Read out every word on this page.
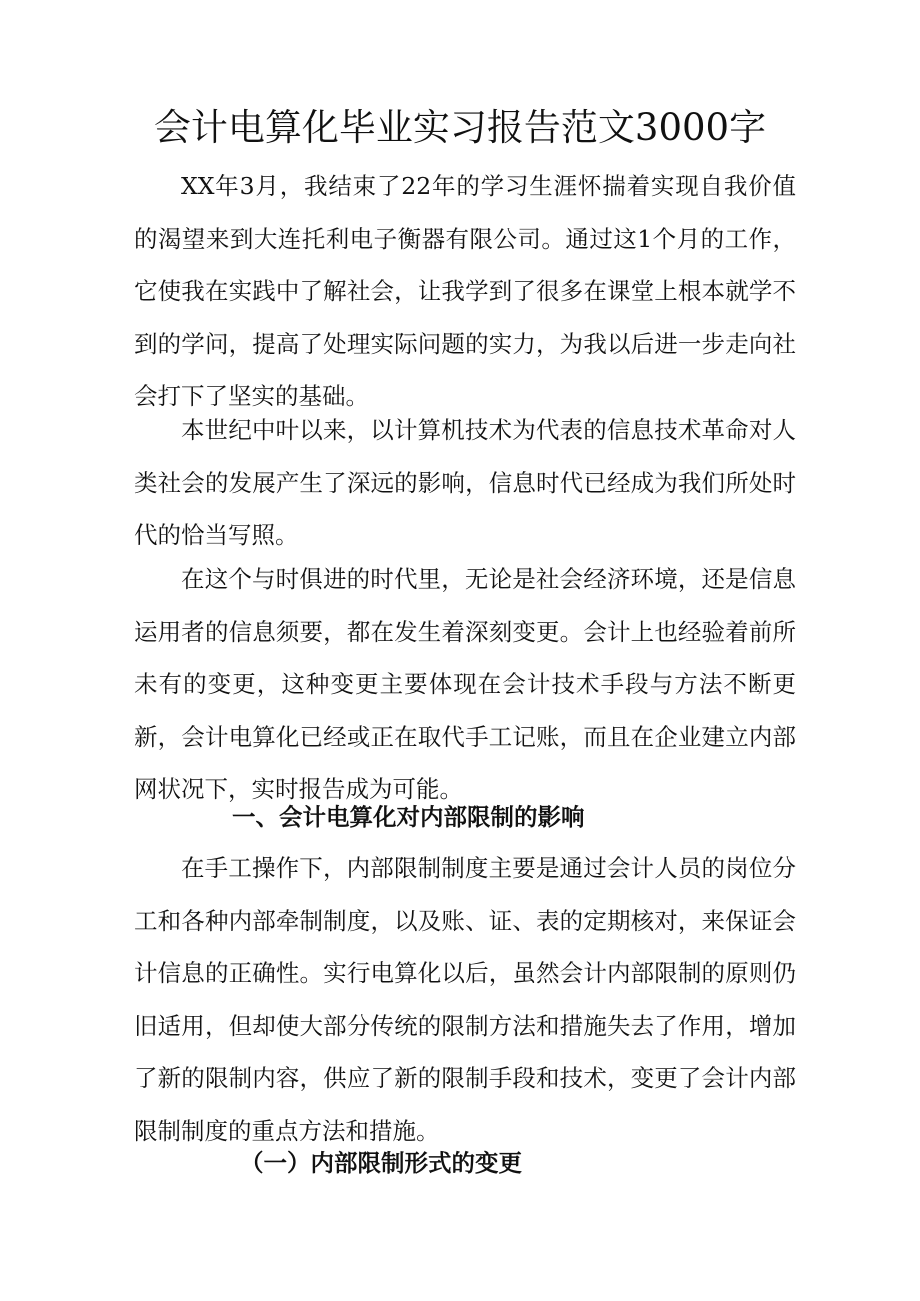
会计电算化毕业实习报告范文3000字

XX年3月，我结束了22年的学习生涯怀揣着实现自我价值的渴望来到大连托利电子衡器有限公司。通过这1个月的工作，它使我在实践中了解社会，让我学到了很多在课堂上根本就学不到的学问，提高了处理实际问题的实力，为我以后进一步走向社会打下了坚实的基础。

本世纪中叶以来，以计算机技术为代表的信息技术革命对人类社会的发展产生了深远的影响，信息时代已经成为我们所处时代的恰当写照。

在这个与时俱进的时代里，无论是社会经济环境，还是信息运用者的信息须要，都在发生着深刻变更。会计上也经验着前所未有的变更，这种变更主要体现在会计技术手段与方法不断更新，会计电算化已经或正在取代手工记账，而且在企业建立内部网状况下，实时报告成为可能。

一、会计电算化对内部限制的影响

在手工操作下，内部限制制度主要是通过会计人员的岗位分工和各种内部牵制制度，以及账、证、表的定期核对，来保证会计信息的正确性。实行电算化以后，虽然会计内部限制的原则仍旧适用，但却使大部分传统的限制方法和措施失去了作用，增加了新的限制内容，供应了新的限制手段和技术，变更了会计内部限制制度的重点方法和措施。

（一）内部限制形式的变更
